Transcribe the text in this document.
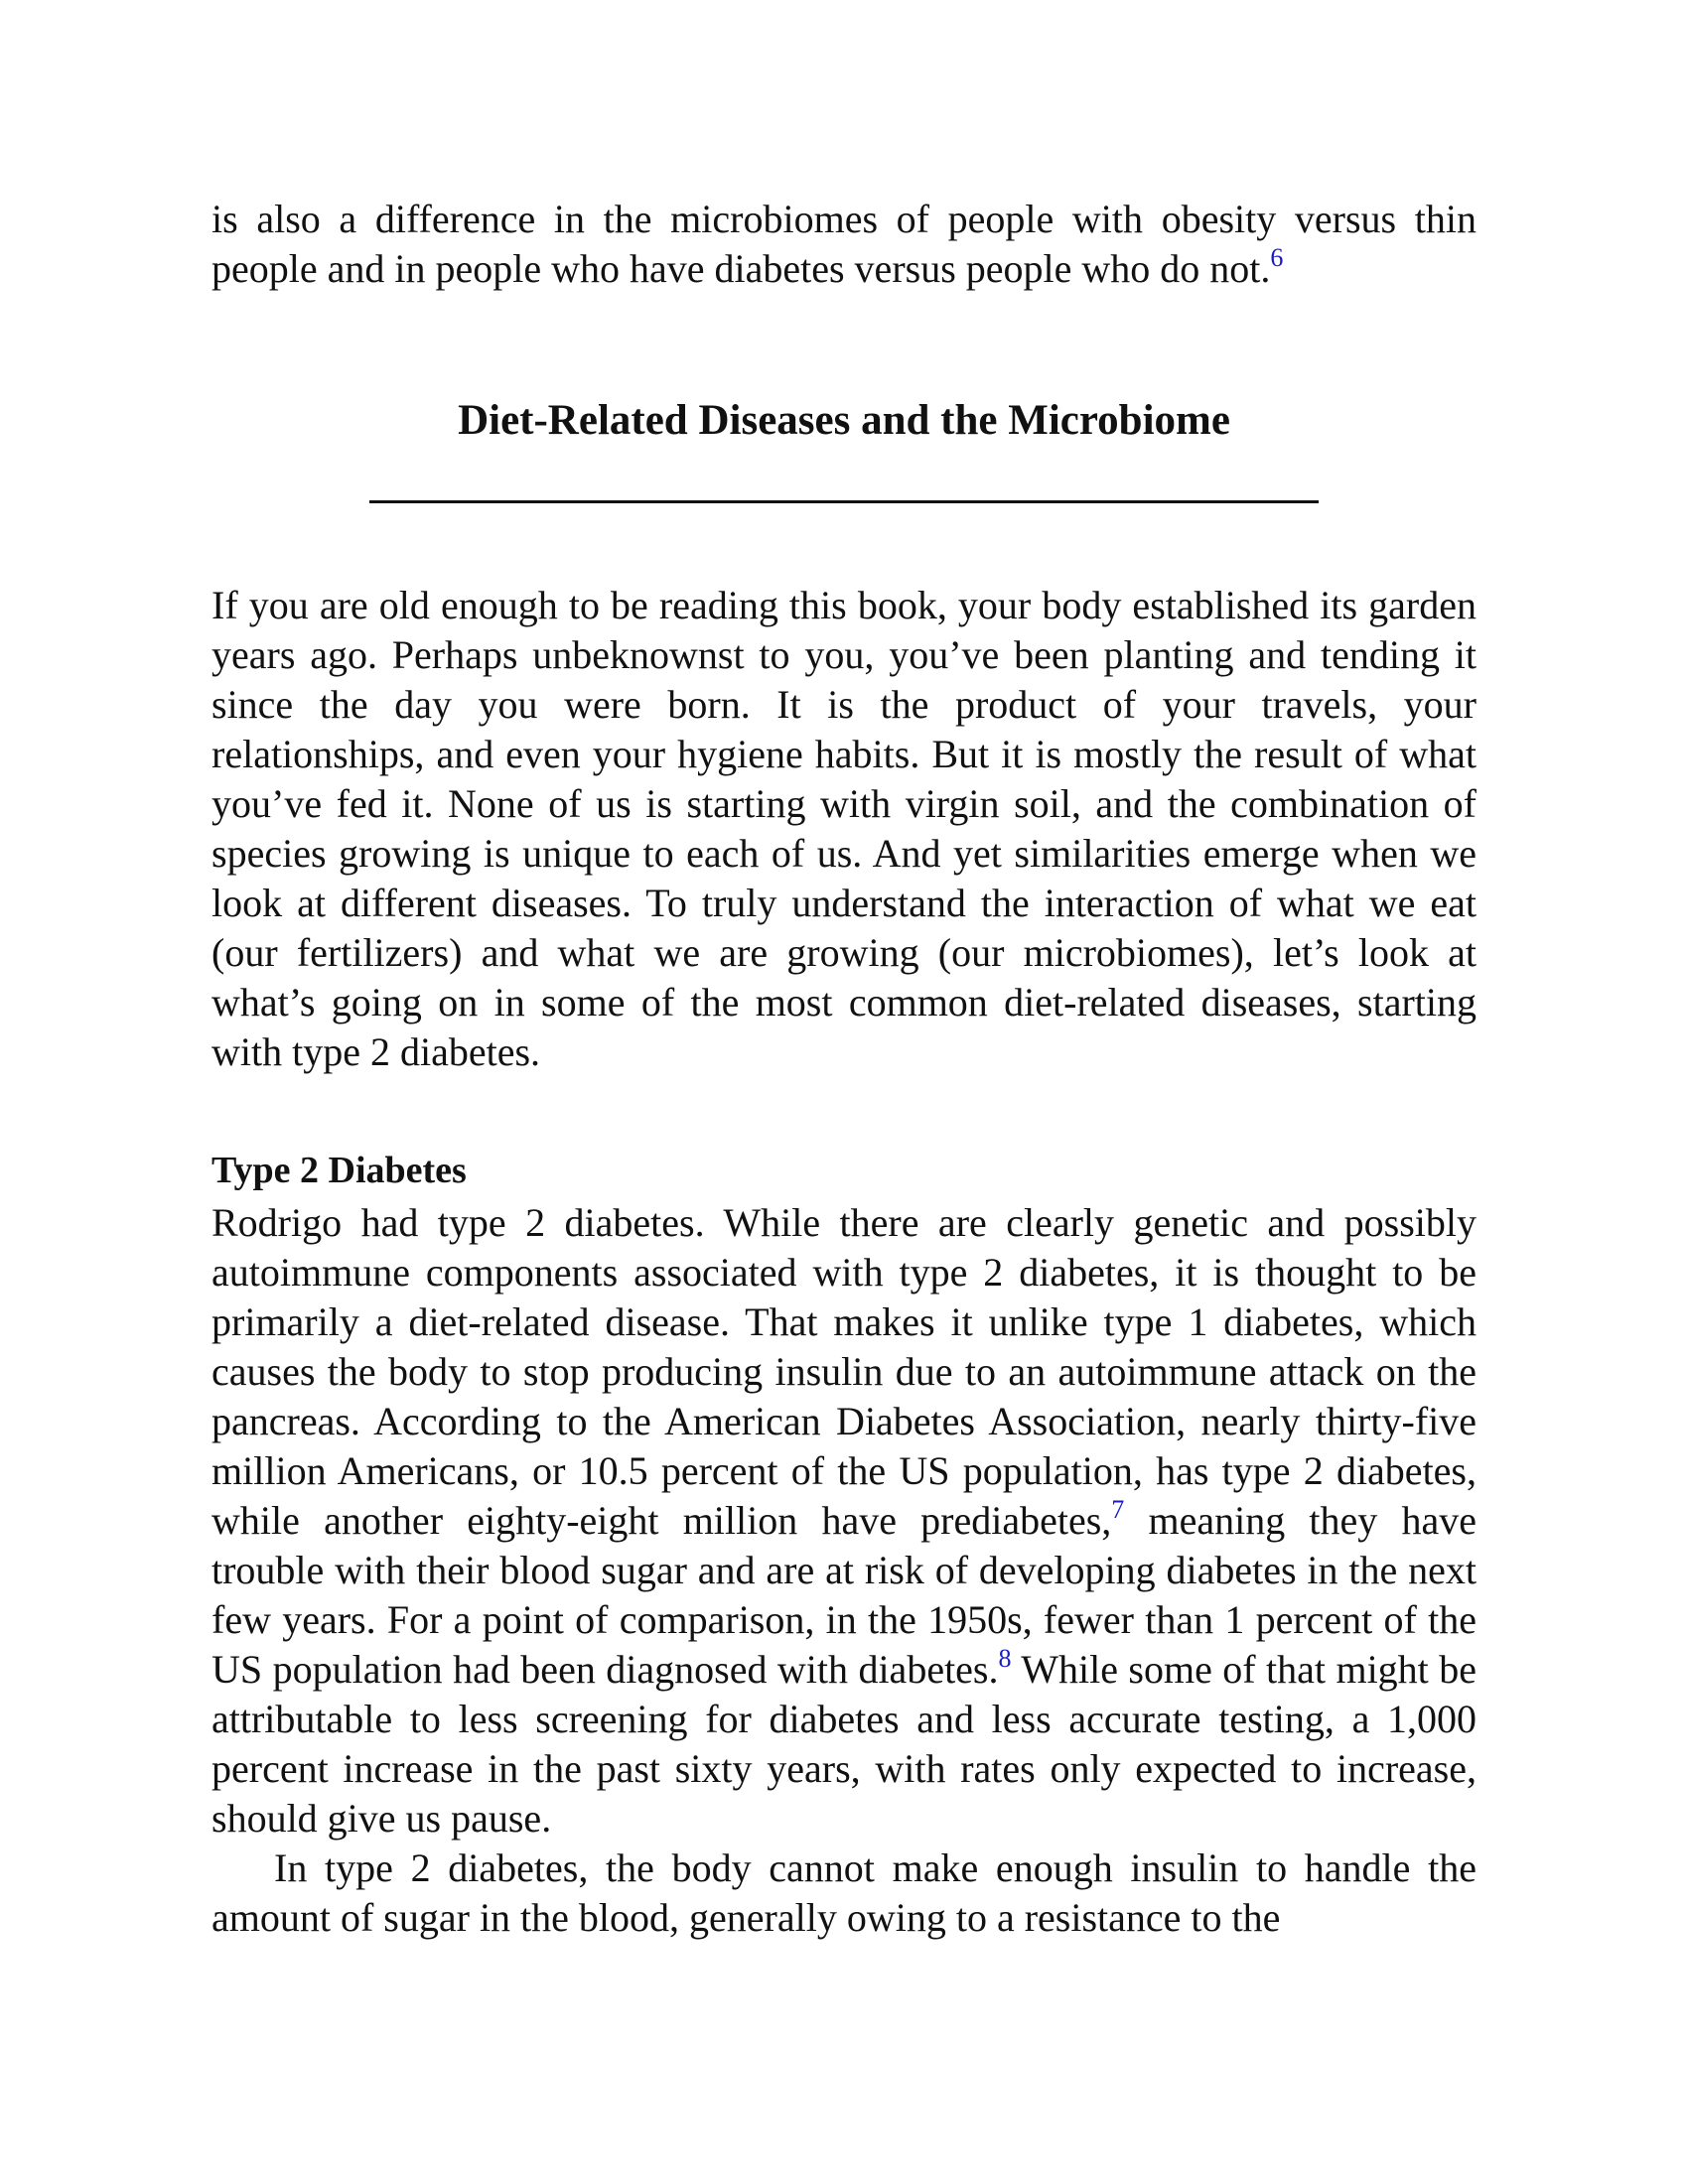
is also a difference in the microbiomes of people with obesity versus thin people and in people who have diabetes versus people who do not.$^6$

Diet-Related Diseases and the Microbiome

If you are old enough to be reading this book, your body established its garden years ago. Perhaps unbeknownst to you, you’ve been planting and tending it since the day you were born. It is the product of your travels, your relationships, and even your hygiene habits. But it is mostly the result of what you’ve fed it. None of us is starting with virgin soil, and the combination of species growing is unique to each of us. And yet similarities emerge when we look at different diseases. To truly understand the interaction of what we eat (our fertilizers) and what we are growing (our microbiomes), let’s look at what’s going on in some of the most common diet-related diseases, starting with type 2 diabetes.

Type 2 Diabetes

Rodrigo had type 2 diabetes. While there are clearly genetic and possibly autoimmune components associated with type 2 diabetes, it is thought to be primarily a diet-related disease. That makes it unlike type 1 diabetes, which causes the body to stop producing insulin due to an autoimmune attack on the pancreas. According to the American Diabetes Association, nearly thirty-five million Americans, or 10.5 percent of the US population, has type 2 diabetes, while another eighty-eight million have prediabetes,$^7$ meaning they have trouble with their blood sugar and are at risk of developing diabetes in the next few years. For a point of comparison, in the 1950s, fewer than 1 percent of the US population had been diagnosed with diabetes.$^8$ While some of that might be attributable to less screening for diabetes and less accurate testing, a 1,000 percent increase in the past sixty years, with rates only expected to increase, should give us pause.

In type 2 diabetes, the body cannot make enough insulin to handle the amount of sugar in the blood, generally owing to a resistance to the
